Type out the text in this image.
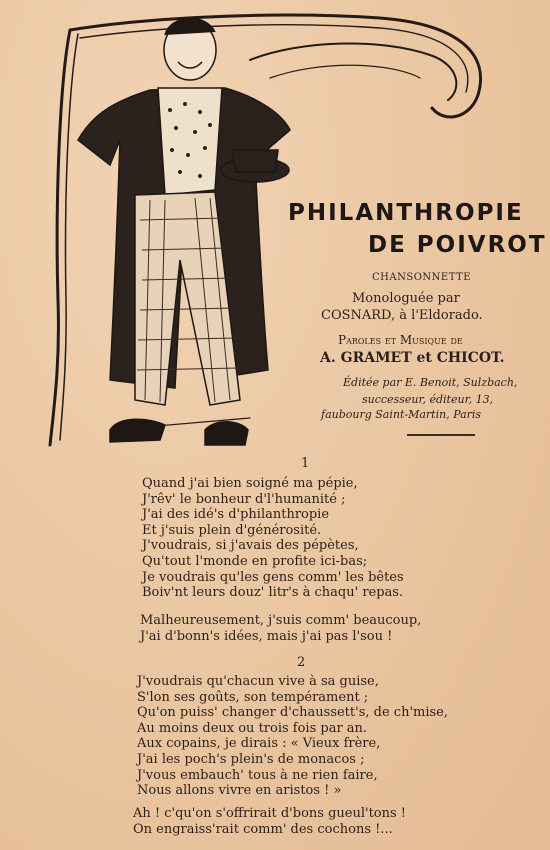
PHILANTHROPIE
DE POIVROT
CHANSONNETTE
Monologuée par
COSNARD, à l'Eldorado.
Paroles et Musique de
A. GRAMET et CHICOT.
Éditée par E. Benoit, Sulzbach,
successeur, éditeur, 13,
faubourg Saint-Martin, Paris
1
Quand j'ai bien soigné ma pépie,
J'rêv' le bonheur d'l'humanité ;
J'ai des idé's d'philanthropie
Et j'suis plein d'générosité.
J'voudrais, si j'avais des pépètes,
Qu'tout l'monde en profite ici-bas;
Je voudrais qu'les gens comm' les bêtes
Boiv'nt leurs douz' litr's à chaqu' repas.
Malheureusement, j'suis comm' beaucoup,
J'ai d'bonn's idées, mais j'ai pas l'sou !
2
J'voudrais qu'chacun vive à sa guise,
S'lon ses goûts, son tempérament ;
Qu'on puiss' changer d'chaussett's, de ch'mise,
Au moins deux ou trois fois par an.
Aux copains, je dirais : « Vieux frère,
J'ai les poch's plein's de monacos ;
J'vous embauch' tous à ne rien faire,
Nous allons vivre en aristos ! »
Ah ! c'qu'on s'offrirait d'bons gueul'tons !
On engraiss'rait comm' des cochons !...
